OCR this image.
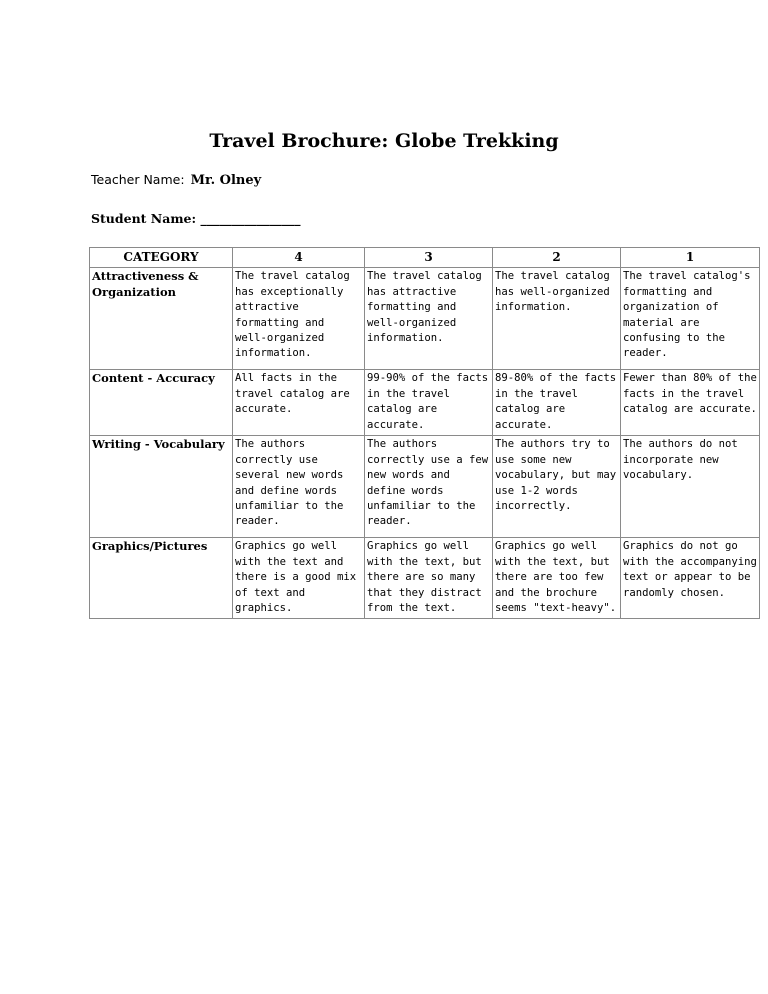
Travel Brochure: Globe Trekking
Teacher Name: Mr. Olney
Student Name: ________________
CATEGORY	4	3	2	1
Attractiveness & Organization	The travel catalog has exceptionally attractive formatting and well-organized information.	The travel catalog has attractive formatting and well-organized information.	The travel catalog has well-organized information.	The travel catalog's formatting and organization of material are confusing to the reader.
Content - Accuracy	All facts in the travel catalog are accurate.	99-90% of the facts in the travel catalog are accurate.	89-80% of the facts in the travel catalog are accurate.	Fewer than 80% of the facts in the travel catalog are accurate.
Writing - Vocabulary	The authors correctly use several new words and define words unfamiliar to the reader.	The authors correctly use a few new words and define words unfamiliar to the reader.	The authors try to use some new vocabulary, but may use 1-2 words incorrectly.	The authors do not incorporate new vocabulary.
Graphics/Pictures	Graphics go well with the text and there is a good mix of text and graphics.	Graphics go well with the text, but there are so many that they distract from the text.	Graphics go well with the text, but there are too few and the brochure seems "text-heavy".	Graphics do not go with the accompanying text or appear to be randomly chosen.
